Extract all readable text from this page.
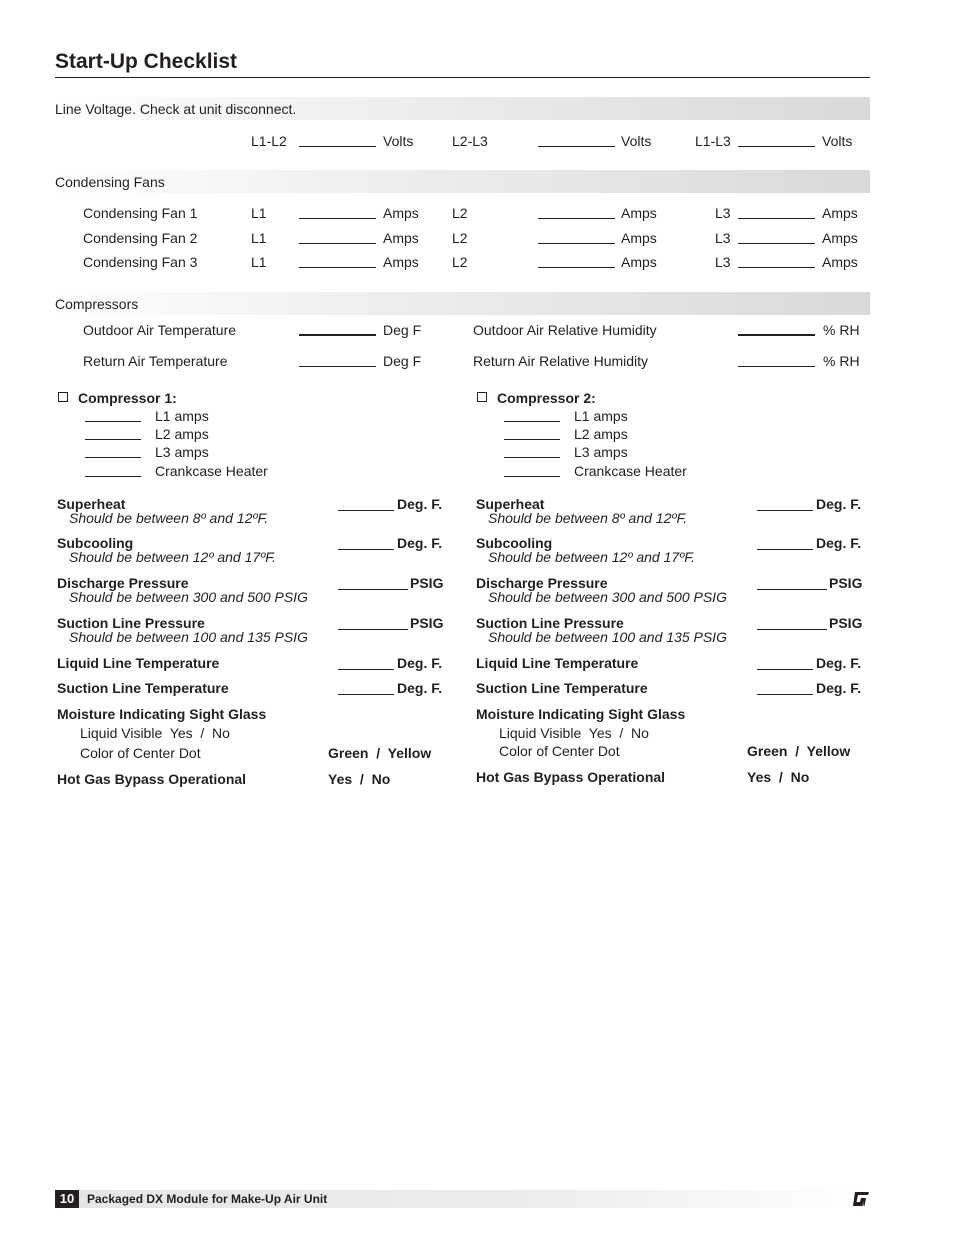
Start-Up Checklist
Line Voltage. Check at unit disconnect.
L1-L2	Volts	L2-L3	Volts	L1-L3	Volts
Condensing Fans
Condensing Fan 1	L1	Amps L2	Amps	L3	Amps
Condensing Fan 2	L1	Amps L2	Amps	L3	Amps
Condensing Fan 3	L1	Amps L2	Amps	L3	Amps
Compressors
Outdoor Air Temperature	Deg F	Outdoor Air Relative Humidity	% RH
Return Air Temperature	Deg F	Return Air Relative Humidity	% RH
Compressor 1:
L1 amps
L2 amps
L3 amps
Crankcase Heater
Superheat
Should be between 8º and 12ºF.
Deg. F.
Subcooling
Should be between 12º and 17ºF.
Deg. F.
Discharge Pressure
Should be between 300 and 500 PSIG
PSIG
Suction Line Pressure
Should be between 100 and 135 PSIG
PSIG
Liquid Line Temperature	Deg. F.
Suction Line Temperature	Deg. F.
Moisture Indicating Sight Glass
Liquid Visible  Yes  /  No
Color of Center Dot	Green  /  Yellow
Hot Gas Bypass Operational	Yes  /  No
Compressor 2:
L1 amps
L2 amps
L3 amps
Crankcase Heater
Superheat
Should be between 8º and 12ºF.
Deg. F.
Subcooling
Should be between 12º and 17ºF.
Deg. F.
Discharge Pressure
Should be between 300 and 500 PSIG
PSIG
Suction Line Pressure
Should be between 100 and 135 PSIG
PSIG
Liquid Line Temperature	Deg. F.
Suction Line Temperature	Deg. F.
Moisture Indicating Sight Glass
Liquid Visible  Yes  /  No
Color of Center Dot	Green  /  Yellow
Hot Gas Bypass Operational	Yes  /  No
10	Packaged DX Module for Make-Up Air Unit
